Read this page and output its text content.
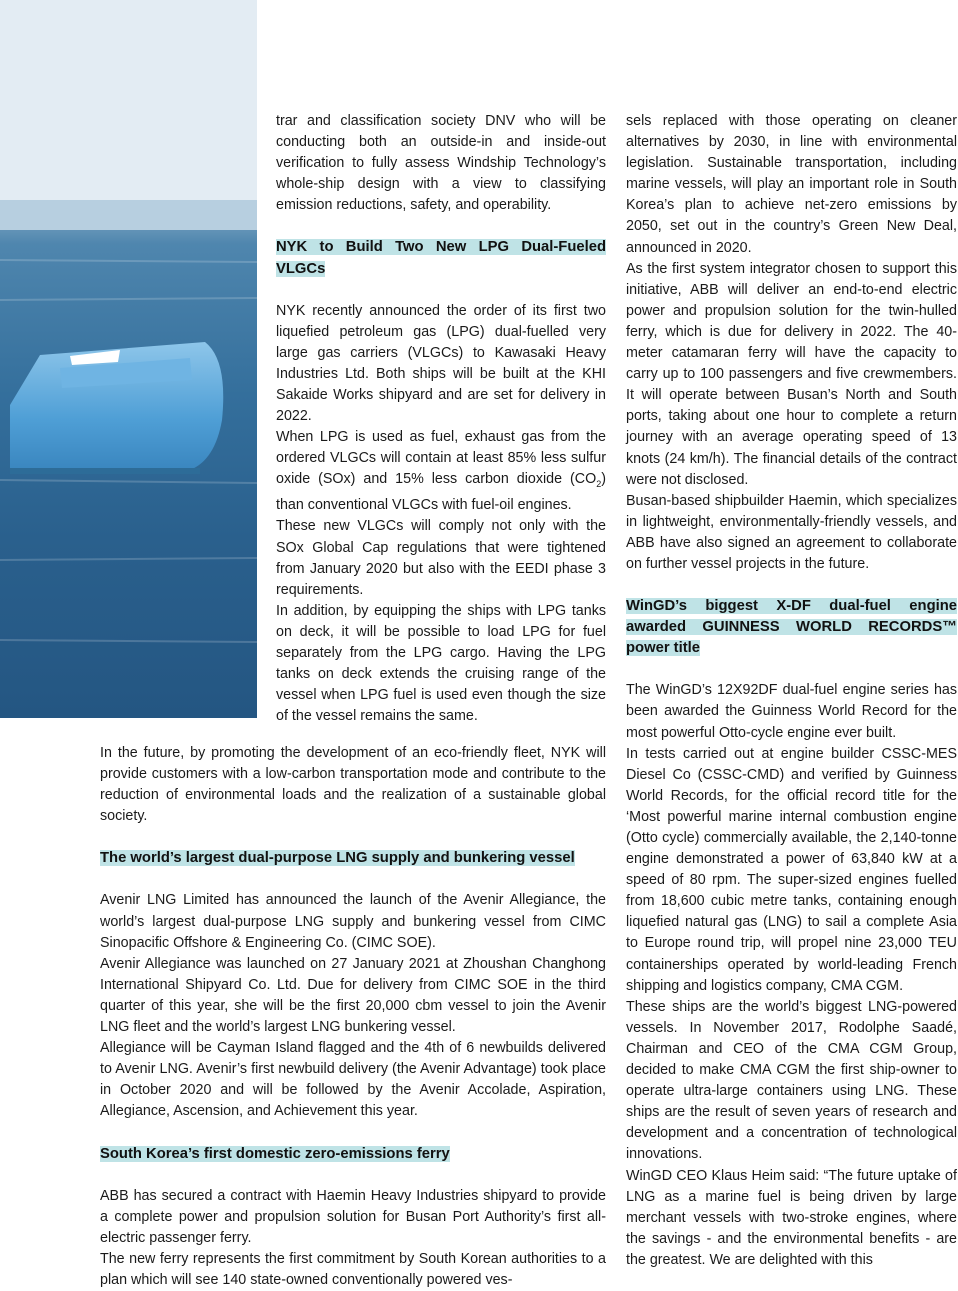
trar and classification society DNV who will be conducting both an outside-in and inside-out verification to fully assess Windship Technology’s whole-ship design with a view to classifying emission reductions, safety, and operability.

NYK to Build Two New LPG Dual-Fueled VLGCs

NYK recently announced the order of its first two liquefied petroleum gas (LPG) dual-fuelled very large gas carriers (VLGCs) to Kawasaki Heavy Industries Ltd. Both ships will be built at the KHI Sakaide Works shipyard and are set for delivery in 2022.

When LPG is used as fuel, exhaust gas from the ordered VLGCs will contain at least 85% less sulfur oxide (SOx) and 15% less carbon dioxide $(CO_2)$ than conventional VLGCs with fuel-oil engines.

These new VLGCs will comply not only with the SOx Global Cap regulations that were tightened from January 2020 but also with the EEDI phase 3 requirements.

In addition, by equipping the ships with LPG tanks on deck, it will be possible to load LPG for fuel separately from the LPG cargo. Having the LPG tanks on deck extends the cruising range of the vessel when LPG fuel is used even though the size of the vessel remains the same.

In the future, by promoting the development of an eco-friendly fleet, NYK will provide customers with a low-carbon transportation mode and contribute to the reduction of environmental loads and the realization of a sustainable global society.

The world’s largest dual-purpose LNG supply and bunkering vessel

Avenir LNG Limited has announced the launch of the Avenir Allegiance, the world’s largest dual-purpose LNG supply and bunkering vessel from CIMC Sinopacific Offshore & Engineering Co. (CIMC SOE).

Avenir Allegiance was launched on 27 January 2021 at Zhoushan Changhong International Shipyard Co. Ltd. Due for delivery from CIMC SOE in the third quarter of this year, she will be the first 20,000 cbm vessel to join the Avenir LNG fleet and the world’s largest LNG bunkering vessel.

Allegiance will be Cayman Island flagged and the 4th of 6 newbuilds delivered to Avenir LNG. Avenir’s first newbuild delivery (the Avenir Advantage) took place in October 2020 and will be followed by the Avenir Accolade, Aspiration, Allegiance, Ascension, and Achievement this year.

South Korea’s first domestic zero-emissions ferry

ABB has secured a contract with Haemin Heavy Industries shipyard to provide a complete power and propulsion solution for Busan Port Authority’s first all-electric passenger ferry.

The new ferry represents the first commitment by South Korean authorities to a plan which will see 140 state-owned conventionally powered ves-

sels replaced with those operating on cleaner alternatives by 2030, in line with environmental legislation. Sustainable transportation, including marine vessels, will play an important role in South Korea’s plan to achieve net-zero emissions by 2050, set out in the country’s Green New Deal, announced in 2020.

As the first system integrator chosen to support this initiative, ABB will deliver an end-to-end electric power and propulsion solution for the twin-hulled ferry, which is due for delivery in 2022. The 40-meter catamaran ferry will have the capacity to carry up to 100 passengers and five crewmembers. It will operate between Busan’s North and South ports, taking about one hour to complete a return journey with an average operating speed of 13 knots (24 km/h). The financial details of the contract were not disclosed.

Busan-based shipbuilder Haemin, which specializes in lightweight, environmentally-friendly vessels, and ABB have also signed an agreement to collaborate on further vessel projects in the future.

WinGD’s biggest X-DF dual-fuel engine awarded GUINNESS WORLD RECORDS™ power title

The WinGD’s 12X92DF dual-fuel engine series has been awarded the Guinness World Record for the most powerful Otto-cycle engine ever built.

In tests carried out at engine builder CSSC-MES Diesel Co (CSSC-CMD) and verified by Guinness World Records, for the official record title for the ‘Most powerful marine internal combustion engine (Otto cycle) commercially available, the 2,140-tonne engine demonstrated a power of 63,840 kW at a speed of 80 rpm. The super-sized engines fuelled from 18,600 cubic metre tanks, containing enough liquefied natural gas (LNG) to sail a complete Asia to Europe round trip, will propel nine 23,000 TEU containerships operated by world-leading French shipping and logistics company, CMA CGM.

These ships are the world’s biggest LNG-powered vessels. In November 2017, Rodolphe Saadé, Chairman and CEO of the CMA CGM Group, decided to make CMA CGM the first ship-owner to operate ultra-large containers using LNG. These ships are the result of seven years of research and development and a concentration of technological innovations.

WinGD CEO Klaus Heim said: “The future uptake of LNG as a marine fuel is being driven by large merchant vessels with two-stroke engines, where the savings - and the environmental benefits - are the greatest. We are delighted with this
